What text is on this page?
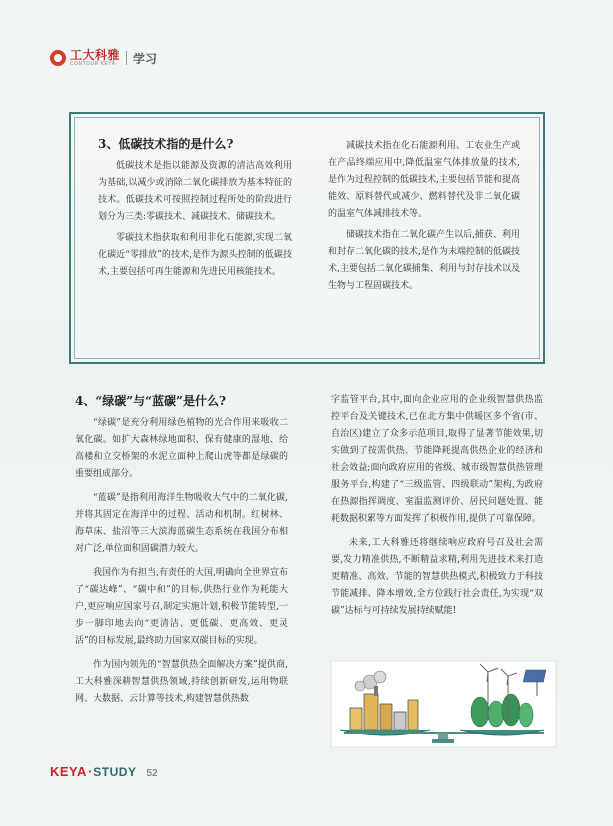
工大科雅
CONTOUR KEYA	学习
3、低碳技术指的是什么?

低碳技术是指以能源及资源的清洁高效利用为基础,以减少或消除二氧化碳排放为基本特征的技术。低碳技术可按照控制过程所处的阶段进行划分为三类:零碳技术、减碳技术、储碳技术。

零碳技术指获取和利用非化石能源,实现二氧化碳近“零排放”的技术,是作为源头控制的低碳技术,主要包括可再生能源和先进民用核能技术。

减碳技术指在化石能源利用、工农业生产或在产品终端应用中,降低温室气体排放量的技术,是作为过程控制的低碳技术,主要包括节能和提高能效、原料替代或减少、燃料替代及非二氧化碳的温室气体减排技术等。

储碳技术指在二氧化碳产生以后,捕获、利用和封存二氧化碳的技术,是作为末端控制的低碳技术,主要包括二氧化碳捕集、利用与封存技术以及生物与工程固碳技术。

4、“绿碳”与“蓝碳”是什么?

“绿碳”是充分利用绿色植物的光合作用来吸收二氧化碳。如扩大森林绿地面积、保有健康的湿地、给高楼和立交桥架的水泥立面种上爬山虎等都是绿碳的重要组成部分。

“蓝碳”是指利用海洋生物吸收大气中的二氧化碳,并将其固定在海洋中的过程、活动和机制。红树林、海草床、盐沼等三大滨海蓝碳生态系统在我国分布相对广泛,单位面积固碳潜力较大。

我国作为有担当,有责任的大国,明确向全世界宣布了“碳达峰”、“碳中和”的目标,供热行业作为耗能大户,更应响应国家号召,制定实施计划,积极节能转型,一步一脚印地去向“更清洁、更低碳、更高效、更灵活”的目标发展,最终助力国家双碳目标的实现。

作为国内领先的“智慧供热全面解决方案”提供商,工大科雅深耕智慧供热领域,持续创新研发,运用物联网、大数据、云计算等技术,构建智慧供热数

字监管平台,其中,面向企业应用的企业级智慧供热监控平台及关键技术,已在北方集中供暖区多个省(市、自治区)建立了众多示范项目,取得了显著节能效果,切实做到了按需供热、节能降耗提高供热企业的经济和社会效益;面向政府应用的省级、城市级智慧供热管理服务平台,构建了“三级监管、四级联动”架构,为政府在热源指挥调度、室温监测评价、居民问题处置、能耗数据积累等方面发挥了积极作用,提供了可靠保障。

未来,工大科雅还将继续响应政府号召及社会需要,发力精准供热,不断精益求精,利用先进技术来打造更精准、高效、节能的智慧供热模式,积极致力于科技节能减排、降本增效,全方位践行社会责任,为实现“双碳”达标与可持续发展持续赋能!

KEYA · STUDY 52
